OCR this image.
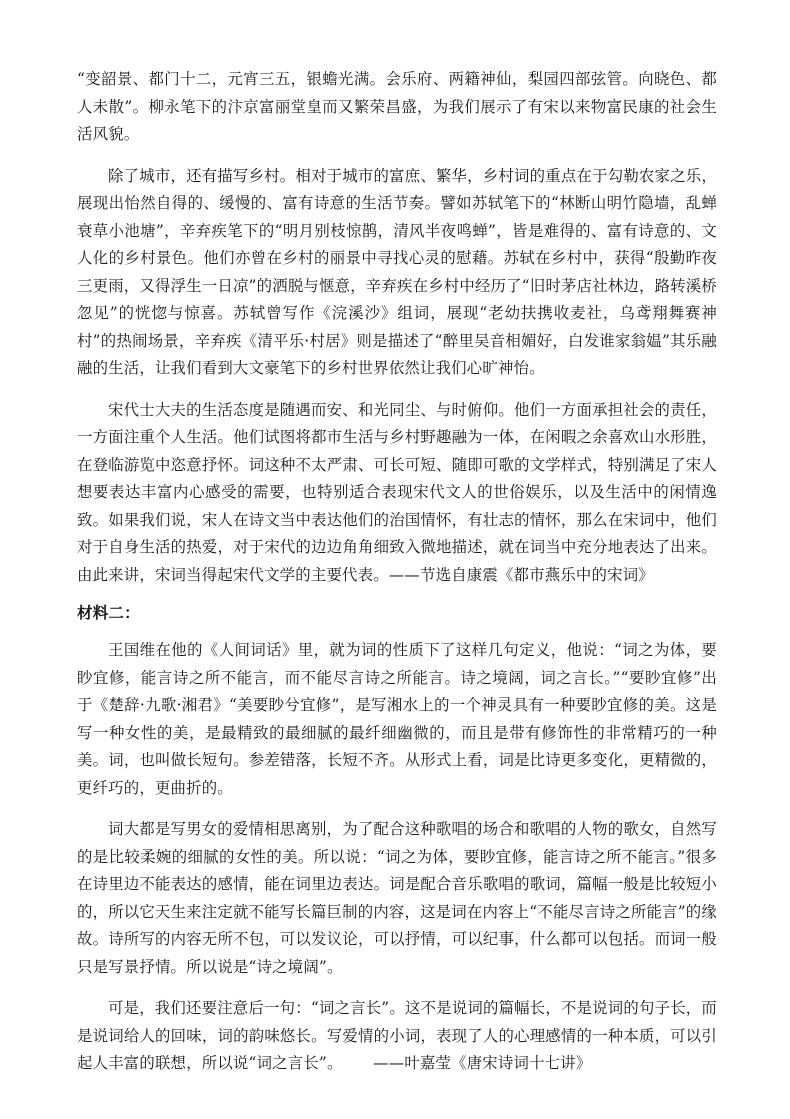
“变韶景、都门十二，元宵三五，银蟾光满。会乐府、两籍神仙，梨园四部弦管。向晓色、都人未散”。柳永笔下的汴京富丽堂皇而又繁荣昌盛，为我们展示了有宋以来物富民康的社会生活风貌。

除了城市，还有描写乡村。相对于城市的富庶、繁华，乡村词的重点在于勾勒农家之乐，展现出怡然自得的、缓慢的、富有诗意的生活节奏。譬如苏轼笔下的“林断山明竹隐墙，乱蝉衰草小池塘”，辛弃疾笔下的“明月别枝惊鹊，清风半夜鸣蝉”，皆是难得的、富有诗意的、文人化的乡村景色。他们亦曾在乡村的丽景中寻找心灵的慰藉。苏轼在乡村中，获得“殷勤昨夜三更雨，又得浮生一日凉”的洒脱与惬意，辛弃疾在乡村中经历了“旧时茅店社林边，路转溪桥忽见”的恍惚与惊喜。苏轼曾写作《浣溪沙》组词，展现“老幼扶携收麦社，乌鸢翔舞赛神村”的热闹场景，辛弃疾《清平乐·村居》则是描述了“醉里吴音相媚好，白发谁家翁媪”其乐融融的生活，让我们看到大文豪笔下的乡村世界依然让我们心旷神怡。

宋代士大夫的生活态度是随遇而安、和光同尘、与时俯仰。他们一方面承担社会的责任，一方面注重个人生活。他们试图将都市生活与乡村野趣融为一体，在闲暇之余喜欢山水形胜，在登临游览中恣意抒怀。词这种不太严肃、可长可短、随即可歌的文学样式，特别满足了宋人想要表达丰富内心感受的需要，也特别适合表现宋代文人的世俗娱乐，以及生活中的闲情逸致。如果我们说，宋人在诗文当中表达他们的治国情怀，有壮志的情怀，那么在宋词中，他们对于自身生活的热爱，对于宋代的边边角角细致入微地描述，就在词当中充分地表达了出来。由此来讲，宋词当得起宋代文学的主要代表。——节选自康震《都市燕乐中的宋词》

材料二：

王国维在他的《人间词话》里，就为词的性质下了这样几句定义，他说：“词之为体，要眇宜修，能言诗之所不能言，而不能尽言诗之所能言。诗之境阔，词之言长。”“要眇宜修”出于《楚辞·九歌·湘君》“美要眇兮宜修”，是写湘水上的一个神灵具有一种要眇宜修的美。这是写一种女性的美，是最精致的最细腻的最纤细幽微的，而且是带有修饰性的非常精巧的一种美。词，也叫做长短句。参差错落，长短不齐。从形式上看，词是比诗更多变化，更精微的，更纤巧的，更曲折的。

词大都是写男女的爱情相思离别，为了配合这种歌唱的场合和歌唱的人物的歌女，自然写的是比较柔婉的细腻的女性的美。所以说：“词之为体，要眇宜修，能言诗之所不能言。”很多在诗里边不能表达的感情，能在词里边表达。词是配合音乐歌唱的歌词，篇幅一般是比较短小的，所以它天生来注定就不能写长篇巨制的内容，这是词在内容上“不能尽言诗之所能言”的缘故。诗所写的内容无所不包，可以发议论，可以抒情，可以纪事，什么都可以包括。而词一般只是写景抒情。所以说是“诗之境阔”。

可是，我们还要注意后一句：“词之言长”。这不是说词的篇幅长，不是说词的句子长，而是说词给人的回味，词的韵味悠长。写爱情的小词，表现了人的心理感情的一种本质，可以引起人丰富的联想，所以说“词之言长”。 ——叶嘉莹《唐宋诗词十七讲》
